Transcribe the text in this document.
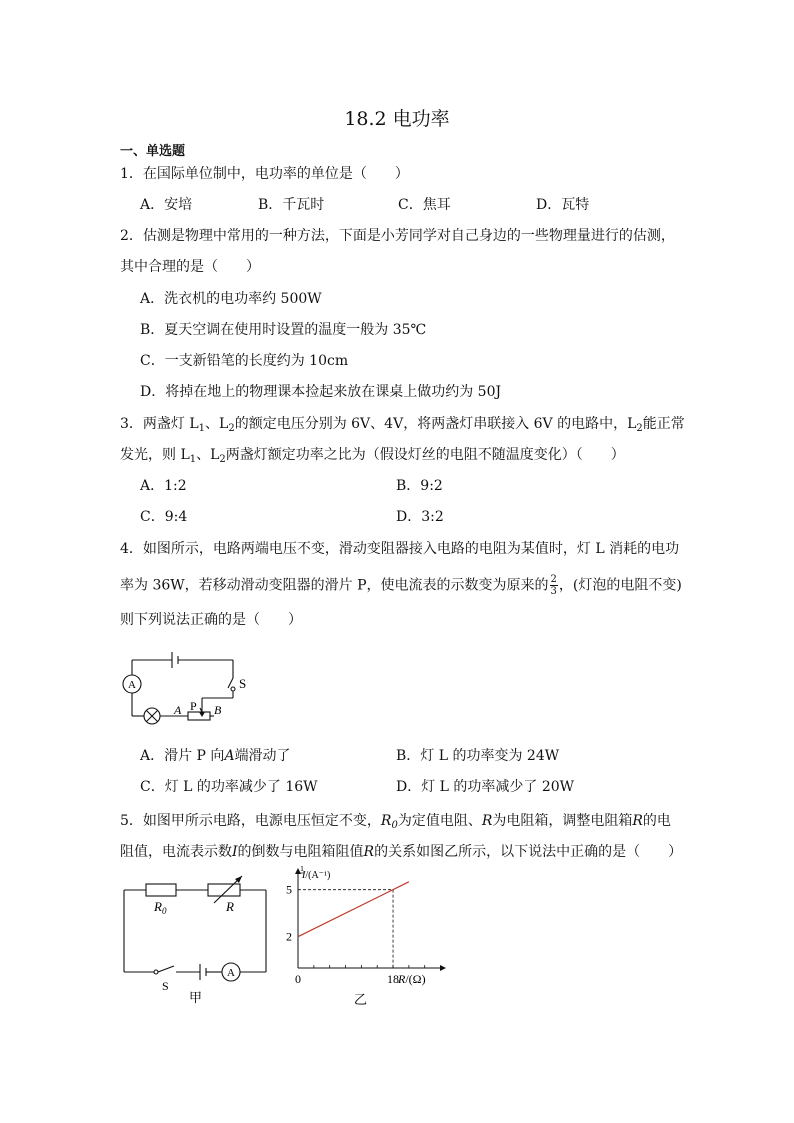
18.2 电功率
一、单选题
1．在国际单位制中，电功率的单位是（　　）
A．安培	B．千瓦时	C．焦耳	D．瓦特
2．估测是物理中常用的一种方法，下面是小芳同学对自己身边的一些物理量进行的估测，
其中合理的是（　　）
A．洗衣机的电功率约 500W
B．夏天空调在使用时设置的温度一般为 35℃
C．一支新铅笔的长度约为 10cm
D．将掉在地上的物理课本捡起来放在课桌上做功约为 50J
3．两盏灯 $L_1$、$L_2$的额定电压分别为 6V、4V，将两盏灯串联接入 6V 的电路中，$L_2$能正常
发光，则 $L_1$、$L_2$两盏灯额定功率之比为（假设灯丝的电阻不随温度变化）（　　）
A．1:2	B．9:2
C．9:4	D．3:2
4．如图所示，电路两端电压不变，滑动变阻器接入电路的电阻为某值时，灯 L 消耗的电功
率为 36W，若移动滑动变阻器的滑片 P，使电流表的示数变为原来的 $\frac{2}{3}$ ，(灯泡的电阻不变)
则下列说法正确的是（　　）
A	S
A P B
A．滑片 P 向A端滑动了	B．灯 L 的功率变为 24W
C．灯 L 的功率减少了 16W	D．灯 L 的功率减少了 20W
5．如图甲所示电路，电源电压恒定不变，$R_0$为定值电阻、R为电阻箱，调整电阻箱R的电
阻值，电流表示数I的倒数与电阻箱阻值R的关系如图乙所示，以下说法中正确的是（　　）
$R_0$	R
S
A
甲
I/(A⁻¹)
1
5
2
0	18
R/(Ω)
乙
